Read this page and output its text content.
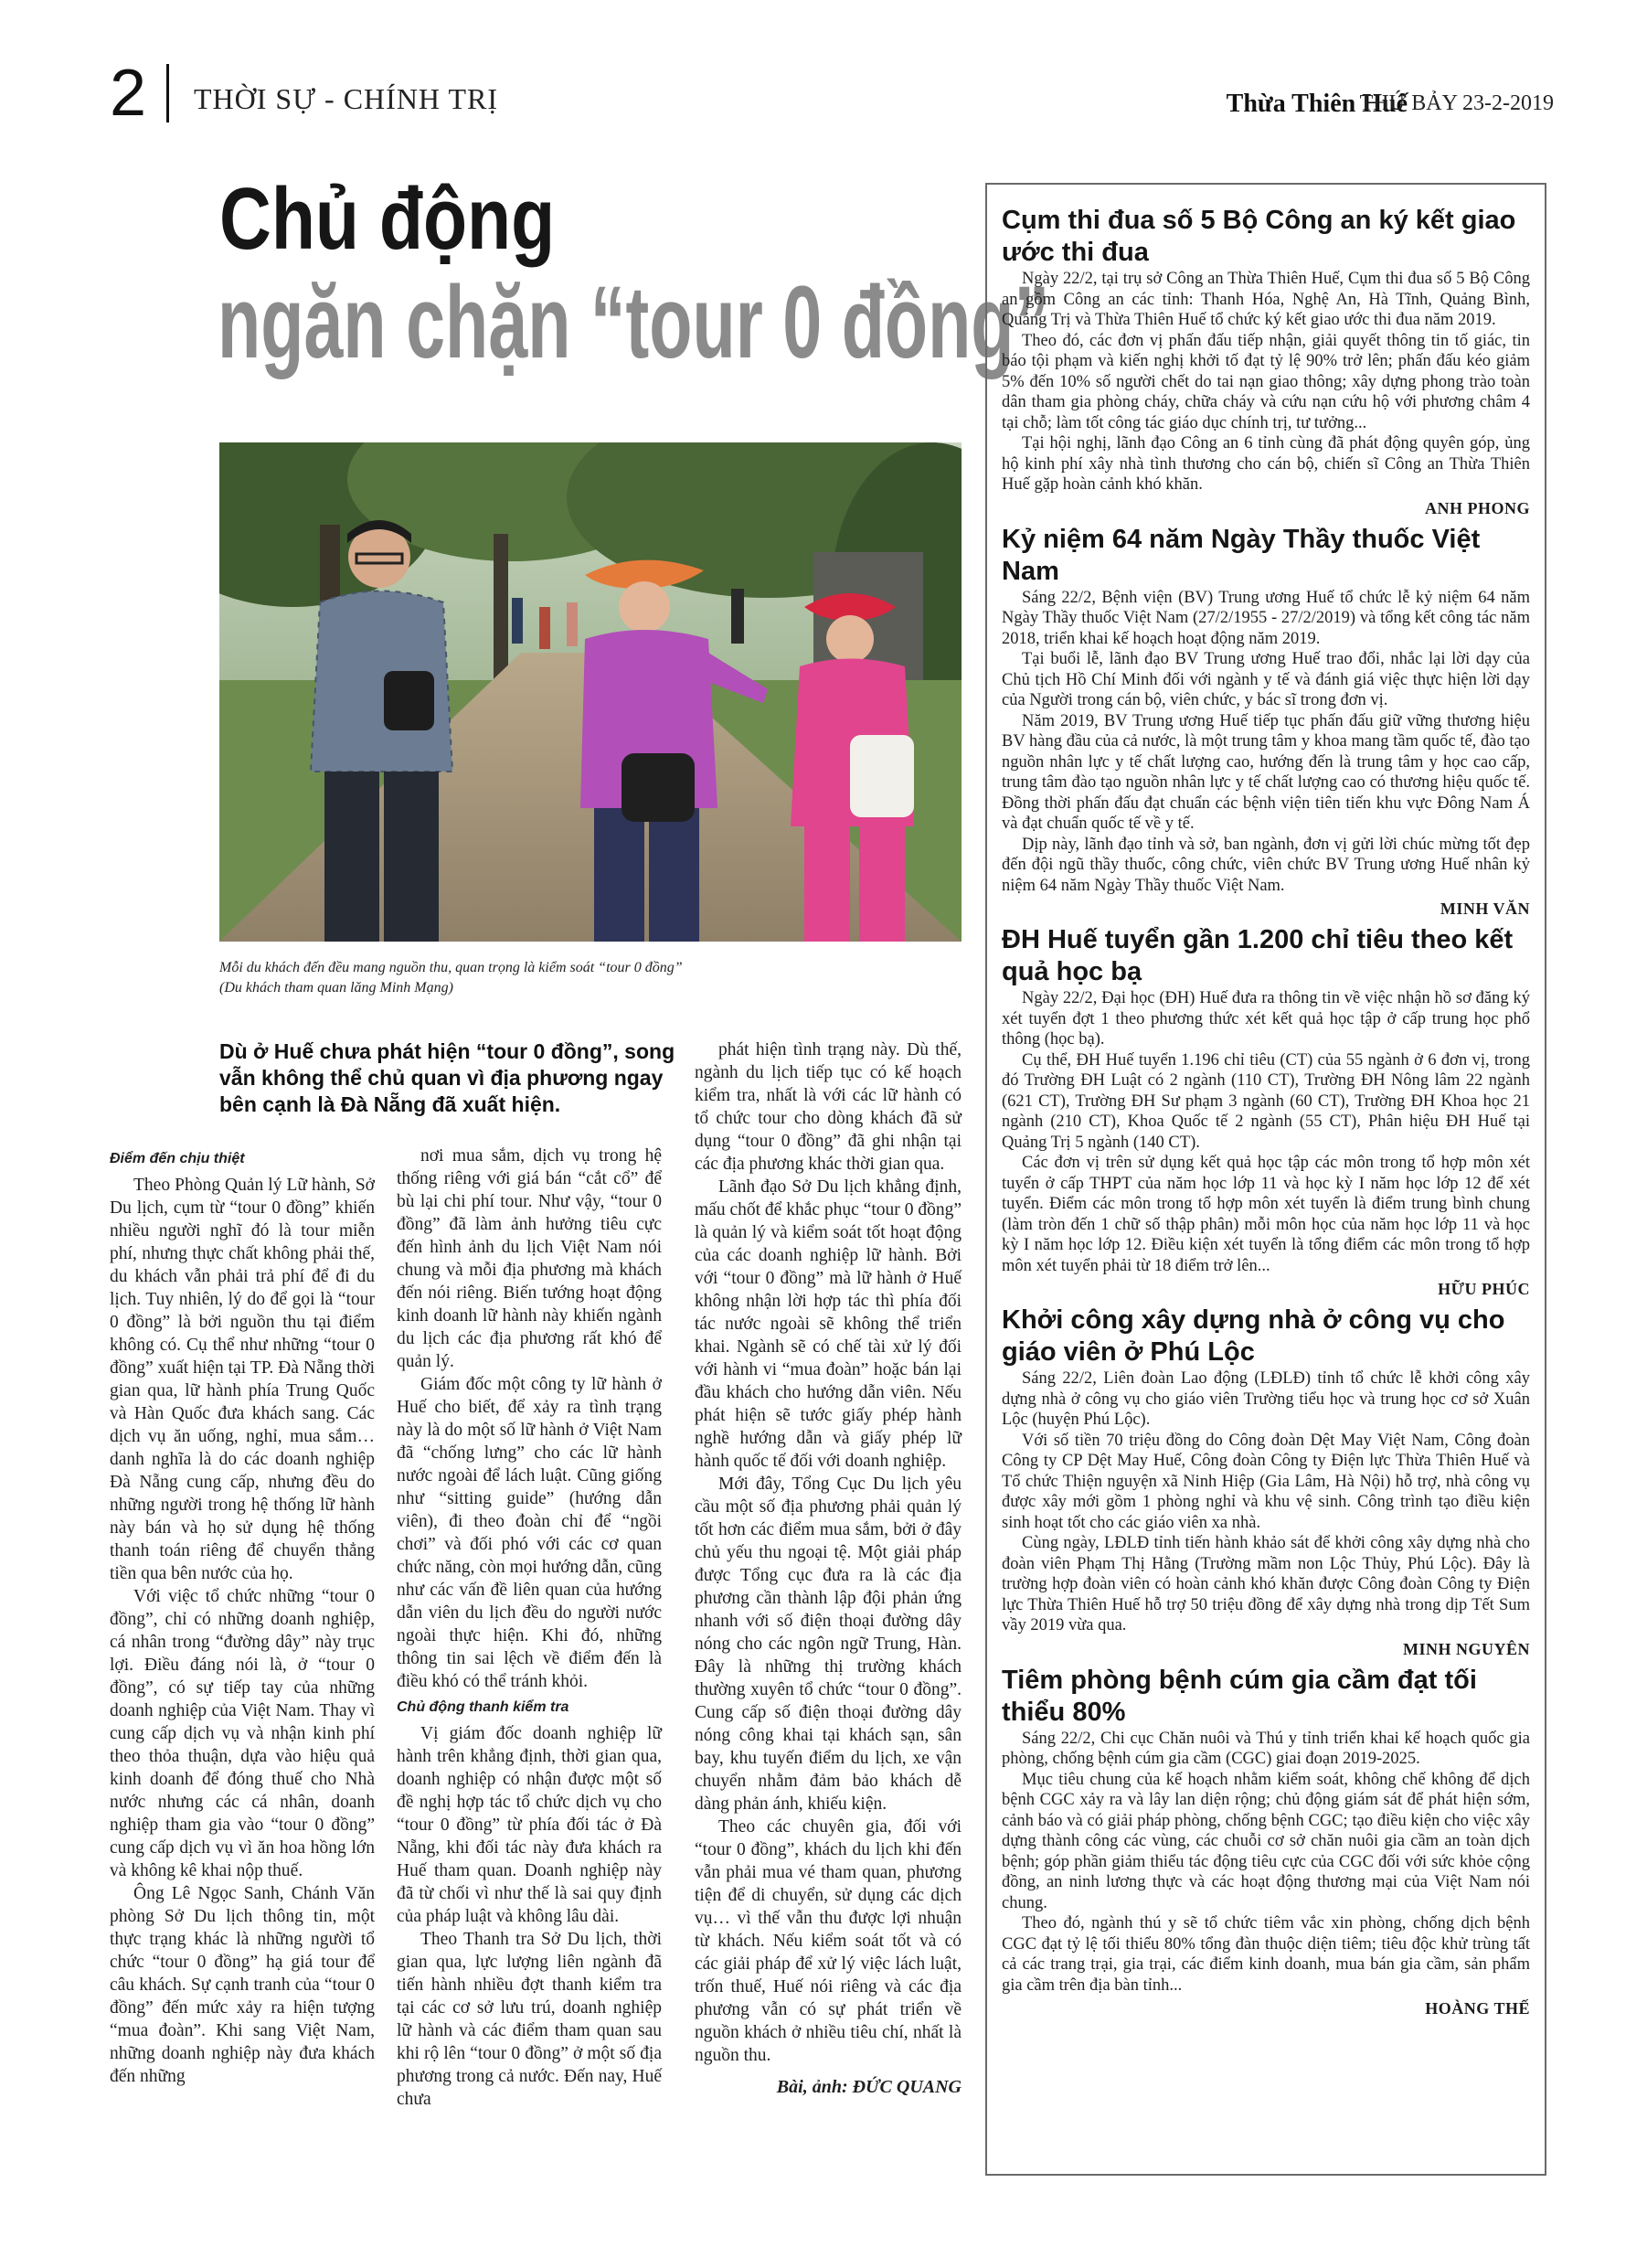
2 THỜI SỰ - CHÍNH TRỊ	Thừa Thiên Huế
THỨ BẢY 23-2-2019
Chủ động
ngăn chặn “tour 0 đồng”
Mỗi du khách đến đều mang nguồn thu, quan trọng là kiểm soát “tour 0 đồng”
(Du khách tham quan lăng Minh Mạng)
Dù ở Huế chưa phát hiện “tour 0 đồng”, song vẫn không thể chủ quan vì địa phương ngay bên cạnh là Đà Nẵng đã xuất hiện.
Điểm đến chịu thiệt

Theo Phòng Quản lý Lữ hành, Sở Du lịch, cụm từ “tour 0 đồng” khiến nhiều người nghĩ đó là tour miễn phí, nhưng thực chất không phải thế, du khách vẫn phải trả phí để đi du lịch. Tuy nhiên, lý do để gọi là “tour 0 đồng” là bởi nguồn thu tại điểm không có. Cụ thể như những “tour 0 đồng” xuất hiện tại TP. Đà Nẵng thời gian qua, lữ hành phía Trung Quốc và Hàn Quốc đưa khách sang. Các dịch vụ ăn uống, nghỉ, mua sắm… danh nghĩa là do các doanh nghiệp Đà Nẵng cung cấp, nhưng đều do những người trong hệ thống lữ hành này bán và họ sử dụng hệ thống thanh toán riêng để chuyển thẳng tiền qua bên nước của họ.

Với việc tổ chức những “tour 0 đồng”, chỉ có những doanh nghiệp, cá nhân trong “đường dây” này trục lợi. Điều đáng nói là, ở “tour 0 đồng”, có sự tiếp tay của những doanh nghiệp của Việt Nam. Thay vì cung cấp dịch vụ và nhận kinh phí theo thỏa thuận, dựa vào hiệu quả kinh doanh để đóng thuế cho Nhà nước nhưng các cá nhân, doanh nghiệp tham gia vào “tour 0 đồng” cung cấp dịch vụ vì ăn hoa hồng lớn và không kê khai nộp thuế.

Ông Lê Ngọc Sanh, Chánh Văn phòng Sở Du lịch thông tin, một thực trạng khác là những người tổ chức “tour 0 đồng” hạ giá tour để câu khách. Sự cạnh tranh của “tour 0 đồng” đến mức xảy ra hiện tượng “mua đoàn”. Khi sang Việt Nam, những doanh nghiệp này đưa khách đến những

nơi mua sắm, dịch vụ trong hệ thống riêng với giá bán “cắt cổ” để bù lại chi phí tour. Như vậy, “tour 0 đồng” đã làm ảnh hưởng tiêu cực đến hình ảnh du lịch Việt Nam nói chung và mỗi địa phương mà khách đến nói riêng. Biến tướng hoạt động kinh doanh lữ hành này khiến ngành du lịch các địa phương rất khó để quản lý.

Giám đốc một công ty lữ hành ở Huế cho biết, để xảy ra tình trạng này là do một số lữ hành ở Việt Nam đã “chống lưng” cho các lữ hành nước ngoài để lách luật. Cũng giống như “sitting guide” (hướng dẫn viên), đi theo đoàn chỉ để “ngồi chơi” và đối phó với các cơ quan chức năng, còn mọi hướng dẫn, cũng như các vấn đề liên quan của hướng dẫn viên du lịch đều do người nước ngoài thực hiện. Khi đó, những thông tin sai lệch về điểm đến là điều khó có thể tránh khỏi.

Chủ động thanh kiểm tra

Vị giám đốc doanh nghiệp lữ hành trên khẳng định, thời gian qua, doanh nghiệp có nhận được một số đề nghị hợp tác tổ chức dịch vụ cho “tour 0 đồng” từ phía đối tác ở Đà Nẵng, khi đối tác này đưa khách ra Huế tham quan. Doanh nghiệp này đã từ chối vì như thế là sai quy định của pháp luật và không lâu dài.

Theo Thanh tra Sở Du lịch, thời gian qua, lực lượng liên ngành đã tiến hành nhiều đợt thanh kiểm tra tại các cơ sở lưu trú, doanh nghiệp lữ hành và các điểm tham quan sau khi rộ lên “tour 0 đồng” ở một số địa phương trong cả nước. Đến nay, Huế chưa

phát hiện tình trạng này. Dù thế, ngành du lịch tiếp tục có kế hoạch kiểm tra, nhất là với các lữ hành có tổ chức tour cho dòng khách đã sử dụng “tour 0 đồng” đã ghi nhận tại các địa phương khác thời gian qua.

Lãnh đạo Sở Du lịch khẳng định, mấu chốt để khắc phục “tour 0 đồng” là quản lý và kiểm soát tốt hoạt động của các doanh nghiệp lữ hành. Bởi với “tour 0 đồng” mà lữ hành ở Huế không nhận lời hợp tác thì phía đối tác nước ngoài sẽ không thể triển khai. Ngành sẽ có chế tài xử lý đối với hành vi “mua đoàn” hoặc bán lại đầu khách cho hướng dẫn viên. Nếu phát hiện sẽ tước giấy phép hành nghề hướng dẫn và giấy phép lữ hành quốc tế đối với doanh nghiệp.

Mới đây, Tổng Cục Du lịch yêu cầu một số địa phương phải quản lý tốt hơn các điểm mua sắm, bởi ở đây chủ yếu thu ngoại tệ. Một giải pháp được Tổng cục đưa ra là các địa phương cần thành lập đội phản ứng nhanh với số điện thoại đường dây nóng cho các ngôn ngữ Trung, Hàn. Đây là những thị trường khách thường xuyên tổ chức “tour 0 đồng”. Cung cấp số điện thoại đường dây nóng công khai tại khách sạn, sân bay, khu tuyến điểm du lịch, xe vận chuyển nhằm đảm bảo khách dễ dàng phản ánh, khiếu kiện.

Theo các chuyên gia, đối với “tour 0 đồng”, khách du lịch khi đến vẫn phải mua vé tham quan, phương tiện để di chuyển, sử dụng các dịch vụ… vì thế vẫn thu được lợi nhuận từ khách. Nếu kiểm soát tốt và có các giải pháp để xử lý việc lách luật, trốn thuế, Huế nói riêng và các địa phương vẫn có sự phát triển về nguồn khách ở nhiều tiêu chí, nhất là nguồn thu.

Bài, ảnh: ĐỨC QUANG
Cụm thi đua số 5 Bộ Công an ký kết giao ước thi đua

Ngày 22/2, tại trụ sở Công an Thừa Thiên Huế, Cụm thi đua số 5 Bộ Công an gồm Công an các tỉnh: Thanh Hóa, Nghệ An, Hà Tĩnh, Quảng Bình, Quảng Trị và Thừa Thiên Huế tổ chức ký kết giao ước thi đua năm 2019.

Theo đó, các đơn vị phấn đấu tiếp nhận, giải quyết thông tin tố giác, tin báo tội phạm và kiến nghị khởi tố đạt tỷ lệ 90% trở lên; phấn đấu kéo giảm 5% đến 10% số người chết do tai nạn giao thông; xây dựng phong trào toàn dân tham gia phòng cháy, chữa cháy và cứu nạn cứu hộ với phương châm 4 tại chỗ; làm tốt công tác giáo dục chính trị, tư tưởng...

Tại hội nghị, lãnh đạo Công an 6 tỉnh cùng đã phát động quyên góp, ủng hộ kinh phí xây nhà tình thương cho cán bộ, chiến sĩ Công an Thừa Thiên Huế gặp hoàn cảnh khó khăn.

ANH PHONG
Kỷ niệm 64 năm Ngày Thầy thuốc Việt Nam

Sáng 22/2, Bệnh viện (BV) Trung ương Huế tổ chức lễ kỷ niệm 64 năm Ngày Thầy thuốc Việt Nam (27/2/1955 - 27/2/2019) và tổng kết công tác năm 2018, triển khai kế hoạch hoạt động năm 2019.

Tại buổi lễ, lãnh đạo BV Trung ương Huế trao đổi, nhắc lại lời dạy của Chủ tịch Hồ Chí Minh đối với ngành y tế và đánh giá việc thực hiện lời dạy của Người trong cán bộ, viên chức, y bác sĩ trong đơn vị.

Năm 2019, BV Trung ương Huế tiếp tục phấn đấu giữ vững thương hiệu BV hàng đầu của cả nước, là một trung tâm y khoa mang tầm quốc tế, đào tạo nguồn nhân lực y tế chất lượng cao, hướng đến là trung tâm y học cao cấp, trung tâm đào tạo nguồn nhân lực y tế chất lượng cao có thương hiệu quốc tế. Đồng thời phấn đấu đạt chuẩn các bệnh viện tiên tiến khu vực Đông Nam Á và đạt chuẩn quốc tế về y tế.

Dịp này, lãnh đạo tỉnh và sở, ban ngành, đơn vị gửi lời chúc mừng tốt đẹp đến đội ngũ thầy thuốc, công chức, viên chức BV Trung ương Huế nhân kỷ niệm 64 năm Ngày Thầy thuốc Việt Nam.

MINH VĂN
ĐH Huế tuyển gần 1.200 chỉ tiêu theo kết quả học bạ

Ngày 22/2, Đại học (ĐH) Huế đưa ra thông tin về việc nhận hồ sơ đăng ký xét tuyển đợt 1 theo phương thức xét kết quả học tập ở cấp trung học phổ thông (học bạ).

Cụ thể, ĐH Huế tuyển 1.196 chỉ tiêu (CT) của 55 ngành ở 6 đơn vị, trong đó Trường ĐH Luật có 2 ngành (110 CT), Trường ĐH Nông lâm 22 ngành (621 CT), Trường ĐH Sư phạm 3 ngành (60 CT), Trường ĐH Khoa học 21 ngành (210 CT), Khoa Quốc tế 2 ngành (55 CT), Phân hiệu ĐH Huế tại Quảng Trị 5 ngành (140 CT).

Các đơn vị trên sử dụng kết quả học tập các môn trong tổ hợp môn xét tuyển ở cấp THPT của năm học lớp 11 và học kỳ I năm học lớp 12 để xét tuyển. Điểm các môn trong tổ hợp môn xét tuyển là điểm trung bình chung (làm tròn đến 1 chữ số thập phân) mỗi môn học của năm học lớp 11 và học kỳ I năm học lớp 12. Điều kiện xét tuyển là tổng điểm các môn trong tổ hợp môn xét tuyển phải từ 18 điểm trở lên...

HỮU PHÚC
Khởi công xây dựng nhà ở công vụ cho giáo viên ở Phú Lộc

Sáng 22/2, Liên đoàn Lao động (LĐLĐ) tỉnh tổ chức lễ khởi công xây dựng nhà ở công vụ cho giáo viên Trường tiểu học và trung học cơ sở Xuân Lộc (huyện Phú Lộc).

Với số tiền 70 triệu đồng do Công đoàn Dệt May Việt Nam, Công đoàn Công ty CP Dệt May Huế, Công đoàn Công ty Điện lực Thừa Thiên Huế và Tổ chức Thiện nguyện xã Ninh Hiệp (Gia Lâm, Hà Nội) hỗ trợ, nhà công vụ được xây mới gồm 1 phòng nghỉ và khu vệ sinh. Công trình tạo điều kiện sinh hoạt tốt cho các giáo viên xa nhà.

Cùng ngày, LĐLĐ tỉnh tiến hành khảo sát để khởi công xây dựng nhà cho đoàn viên Phạm Thị Hằng (Trường mầm non Lộc Thủy, Phú Lộc). Đây là trường hợp đoàn viên có hoàn cảnh khó khăn được Công đoàn Công ty Điện lực Thừa Thiên Huế hỗ trợ 50 triệu đồng để xây dựng nhà trong dịp Tết Sum vầy 2019 vừa qua.

MINH NGUYÊN
Tiêm phòng bệnh cúm gia cầm đạt tối thiểu 80%

Sáng 22/2, Chi cục Chăn nuôi và Thú y tỉnh triển khai kế hoạch quốc gia phòng, chống bệnh cúm gia cầm (CGC) giai đoạn 2019-2025.

Mục tiêu chung của kế hoạch nhằm kiểm soát, không chế không để dịch bệnh CGC xảy ra và lây lan diện rộng; chủ động giám sát để phát hiện sớm, cảnh báo và có giải pháp phòng, chống bệnh CGC; tạo điều kiện cho việc xây dựng thành công các vùng, các chuỗi cơ sở chăn nuôi gia cầm an toàn dịch bệnh; góp phần giảm thiểu tác động tiêu cực của CGC đối với sức khỏe cộng đồng, an ninh lương thực và các hoạt động thương mại của Việt Nam nói chung.

Theo đó, ngành thú y sẽ tổ chức tiêm vắc xin phòng, chống dịch bệnh CGC đạt tỷ lệ tối thiểu 80% tổng đàn thuộc diện tiêm; tiêu độc khử trùng tất cả các trang trại, gia trại, các điểm kinh doanh, mua bán gia cầm, sản phẩm gia cầm trên địa bàn tỉnh...

HOÀNG THẾ
